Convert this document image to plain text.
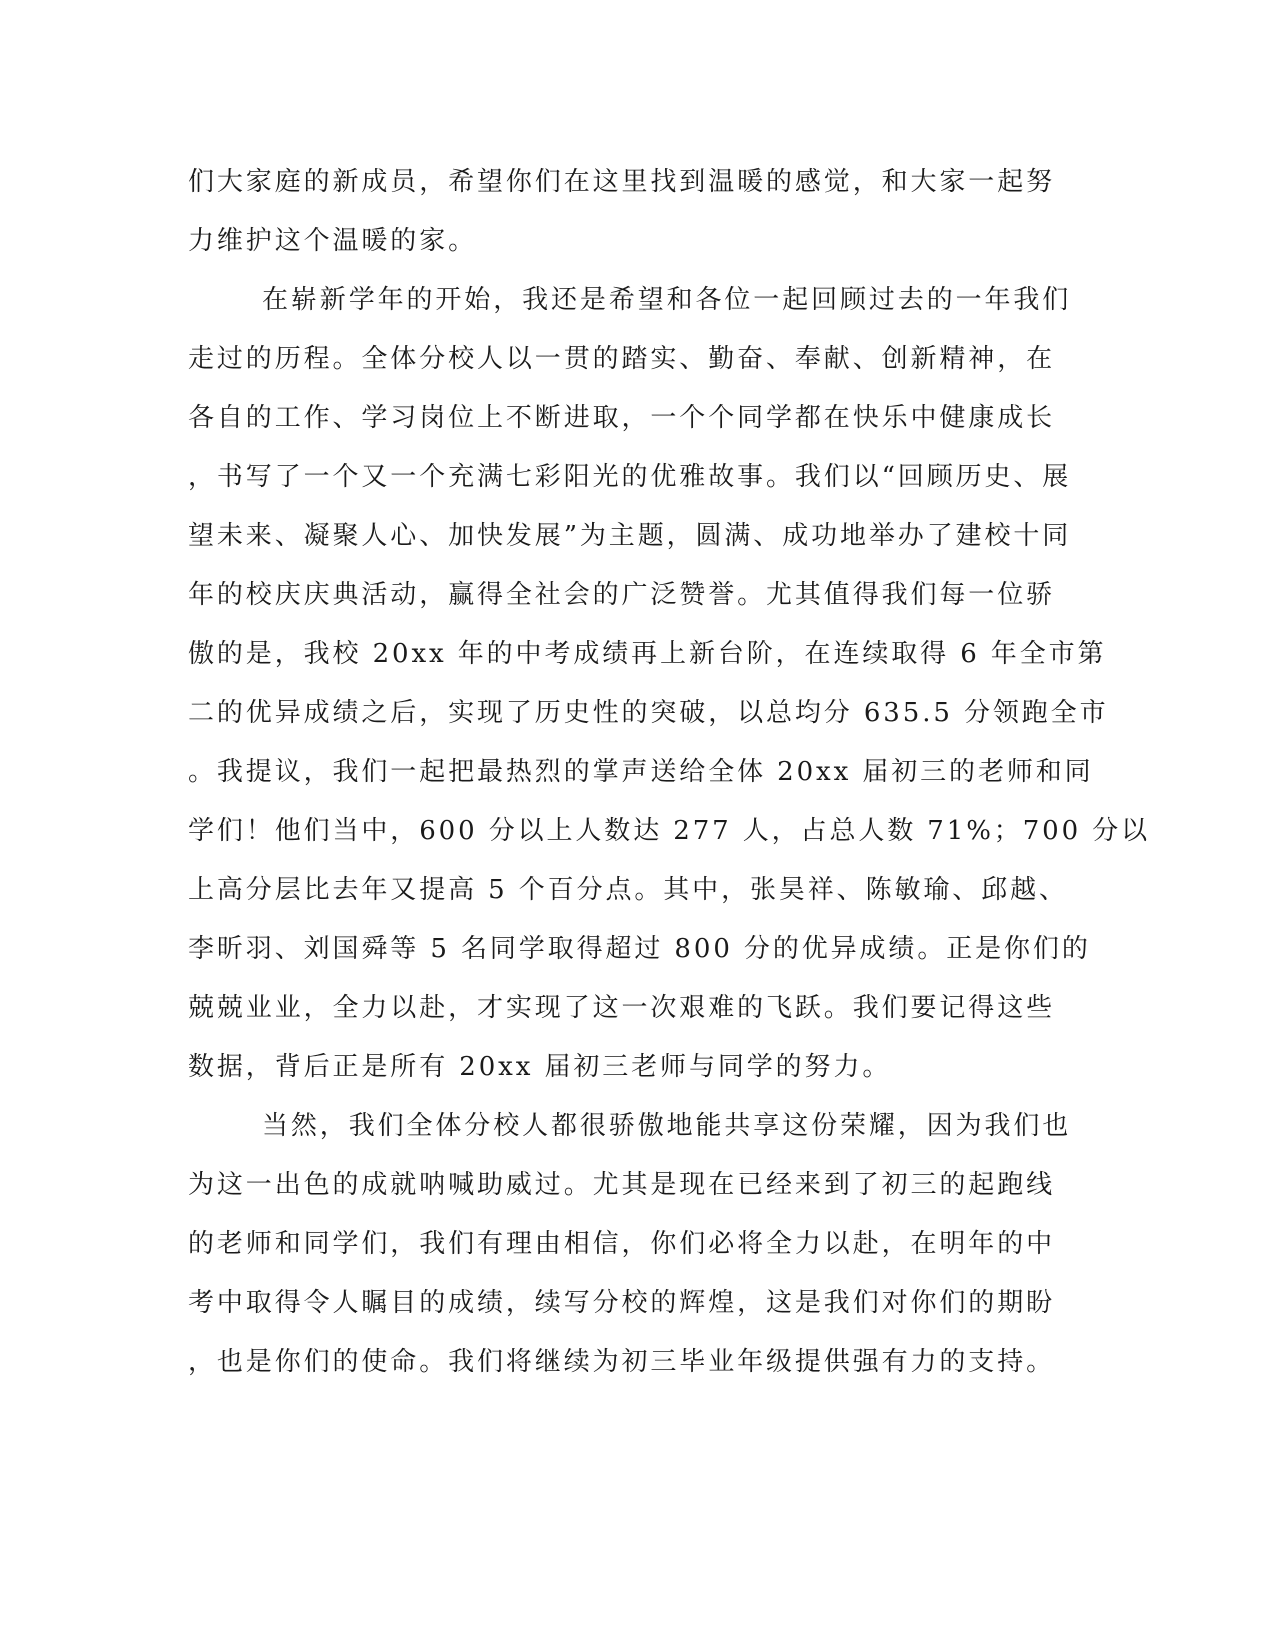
们大家庭的新成员，希望你们在这里找到温暖的感觉，和大家一起努
力维护这个温暖的家。
在崭新学年的开始，我还是希望和各位一起回顾过去的一年我们
走过的历程。全体分校人以一贯的踏实、勤奋、奉献、创新精神，在
各自的工作、学习岗位上不断进取，一个个同学都在快乐中健康成长
，书写了一个又一个充满七彩阳光的优雅故事。我们以“回顾历史、展
望未来、凝聚人心、加快发展”为主题，圆满、成功地举办了建校十同
年的校庆庆典活动，赢得全社会的广泛赞誉。尤其值得我们每一位骄
傲的是，我校 20xx 年的中考成绩再上新台阶，在连续取得 6 年全市第
二的优异成绩之后，实现了历史性的突破，以总均分 635.5 分领跑全市
。我提议，我们一起把最热烈的掌声送给全体 20xx 届初三的老师和同
学们！他们当中，600 分以上人数达 277 人，占总人数 71%；700 分以
上高分层比去年又提高 5 个百分点。其中，张昊祥、陈敏瑜、邱越、
李昕羽、刘国舜等 5 名同学取得超过 800 分的优异成绩。正是你们的
兢兢业业，全力以赴，才实现了这一次艰难的飞跃。我们要记得这些
数据，背后正是所有 20xx 届初三老师与同学的努力。
当然，我们全体分校人都很骄傲地能共享这份荣耀，因为我们也
为这一出色的成就呐喊助威过。尤其是现在已经来到了初三的起跑线
的老师和同学们，我们有理由相信，你们必将全力以赴，在明年的中
考中取得令人瞩目的成绩，续写分校的辉煌，这是我们对你们的期盼
，也是你们的使命。我们将继续为初三毕业年级提供强有力的支持。
